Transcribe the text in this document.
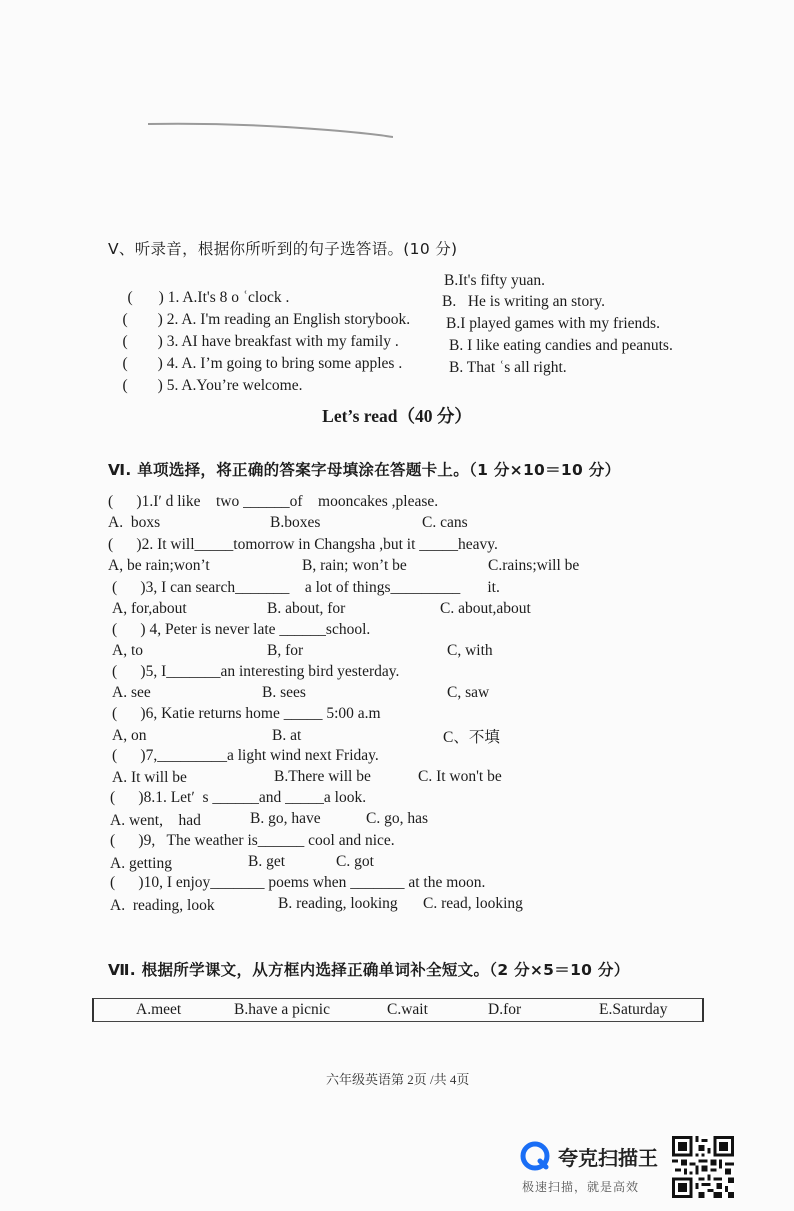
V、听录音，根据你所听到的句子选答语。(10 分)

( ) 1. A.It's 8 o ʿclock .

B.It's fifty yuan.

( ) 2. A. I'm reading an English storybook.

B.   He is writing an story.

( ) 3. AI have breakfast with my family .

B.I played games with my friends.

( ) 4. A. I’m going to bring some apples .

B. I like eating candies and peanuts.

( ) 5. A.You’re welcome.

B. That ʿs all right.
Let’s read（40 分）
Ⅵ. 单项选择，将正确的答案字母填涂在答题卡上。（1 分×10＝10 分）
(      )1.Iʹ d like    two ______of    mooncakes ,please.
A.  boxs	B.boxes	C. cans
(      )2. It will_____tomorrow in Changsha ,but it _____heavy.
A, be rain;won’t	B, rain; won’t be	C.rains;will be
(      )3, I can search_______    a lot of things_________       it.
A, for,about	B. about, for	C. about,about
(      ) 4, Peter is never late ______school.
A, to	B, for	C, with
(      )5, I_______an interesting bird yesterday.
A. see	B. sees	C, saw
(      )6, Katie returns home _____ 5:00 a.m
A, on	B. at	C、不填
(      )7,_________a light wind next Friday.
A. It will be	B.There will be	C. It won't be
(      )8.1. Letʹ  s ______and _____a look.
A. went,    had	B. go, have	C. go, has
(      )9,   The weather is______ cool and nice.
A. getting	B. get	C. got
(      )10, I enjoy_______ poems when _______ at the moon.
A.  reading, look	B. reading, looking C. read, looking
Ⅶ. 根据所学课文，从方框内选择正确单词补全短文。（2 分×5＝10 分）
A.meet	B.have a picnic	C.wait	D.for	E.Saturday
六年级英语第 2页 /共 4页
夸克扫描王
极速扫描，就是高效
